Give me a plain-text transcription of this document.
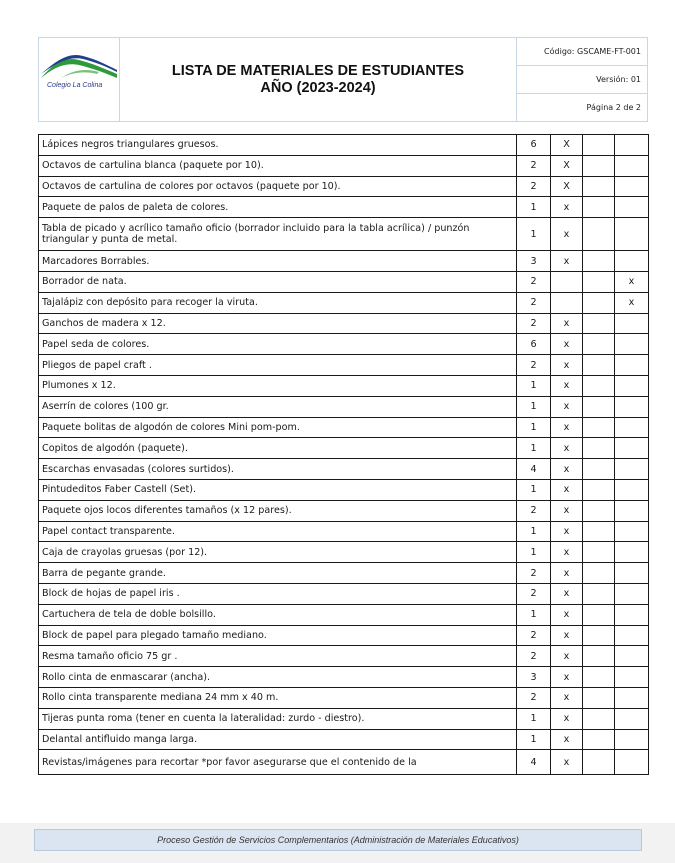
Colegio La Colina

LISTA DE MATERIALES DE ESTUDIANTES
AÑO (2023-2024)
	Código: GSCAME-FT-001
Versión: 01
Página 2 de 2
Lápices negros triangulares gruesos.	6	X		
Octavos de cartulina blanca (paquete por 10).	2	X		
Octavos de cartulina de colores por octavos (paquete por 10).	2	X		
Paquete de palos de paleta de colores.	1	x		
Tabla de picado y acrílico tamaño oficio (borrador incluido para la tabla acrílica) / punzón triangular y punta de metal.	1	x		
Marcadores Borrables.	3	x		
Borrador de nata.	2			x
Tajalápiz con depósito para recoger la viruta.	2			x
Ganchos de madera x 12.	2	x		
Papel seda de colores.	6	x		
Pliegos de papel craft .	2	x		
Plumones x 12.	1	x		
Aserrín de colores (100 gr.	1	x		
Paquete bolitas de algodón de colores Mini pom-pom.	1	x		
Copitos de algodón (paquete).	1	x		
Escarchas envasadas (colores surtidos).	4	x		
Pintudeditos Faber Castell (Set).	1	x		
Paquete ojos locos diferentes tamaños (x 12 pares).	2	x		
Papel contact transparente.	1	x		
Caja de crayolas gruesas (por 12).	1	x		
Barra de pegante grande.	2	x		
Block de hojas de papel iris .	2	x		
Cartuchera de tela de doble bolsillo.	1	x		
Block de papel para plegado tamaño mediano.	2	x		
Resma tamaño oficio 75 gr .	2	x		
Rollo cinta de enmascarar (ancha).	3	x		
Rollo cinta transparente mediana 24 mm x 40 m.	2	x		
Tijeras punta roma (tener en cuenta la lateralidad: zurdo - diestro).	1	x		
Delantal antifluido manga larga.	1	x		
Revistas/imágenes para recortar *por favor asegurarse que el contenido de la	4	x		
Proceso Gestión de Servicios Complementarios (Administración de Materiales Educativos)
